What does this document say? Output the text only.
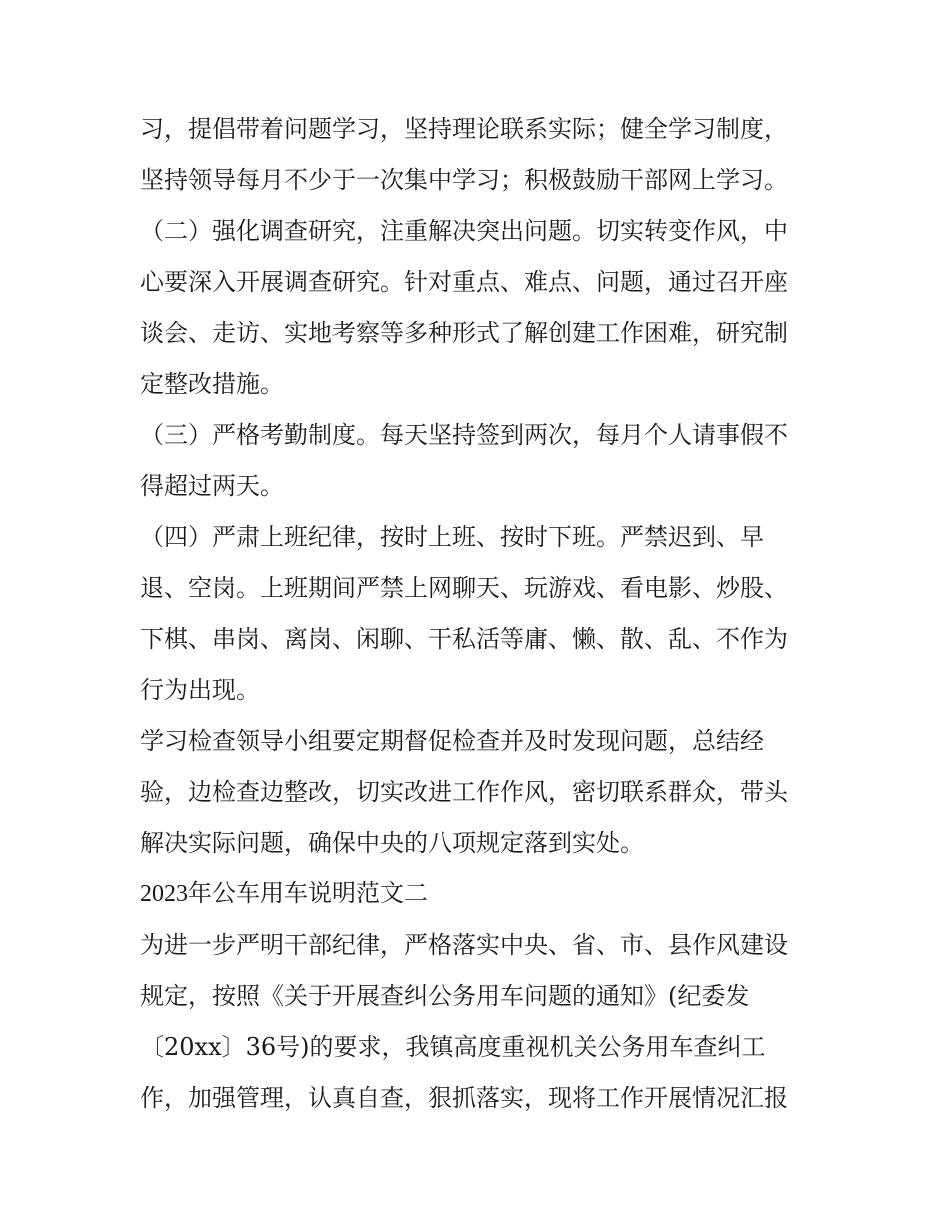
习，提倡带着问题学习，坚持理论联系实际；健全学习制度，

坚持领导每月不少于一次集中学习；积极鼓励干部网上学习。

（二）强化调查研究，注重解决突出问题。切实转变作风，中

心要深入开展调查研究。针对重点、难点、问题，通过召开座

谈会、走访、实地考察等多种形式了解创建工作困难，研究制

定整改措施。

（三）严格考勤制度。每天坚持签到两次，每月个人请事假不

得超过两天。

（四）严肃上班纪律，按时上班、按时下班。严禁迟到、早

退、空岗。上班期间严禁上网聊天、玩游戏、看电影、炒股、

下棋、串岗、离岗、闲聊、干私活等庸、懒、散、乱、不作为

行为出现。

学习检查领导小组要定期督促检查并及时发现问题，总结经

验，边检查边整改，切实改进工作作风，密切联系群众，带头

解决实际问题，确保中央的八项规定落到实处。

2023年公车用车说明范文二

为进一步严明干部纪律，严格落实中央、省、市、县作风建设

规定，按照《关于开展查纠公务用车问题的通知》(纪委发

〔20xx〕36号)的要求，我镇高度重视机关公务用车查纠工

作，加强管理，认真自查，狠抓落实，现将工作开展情况汇报
